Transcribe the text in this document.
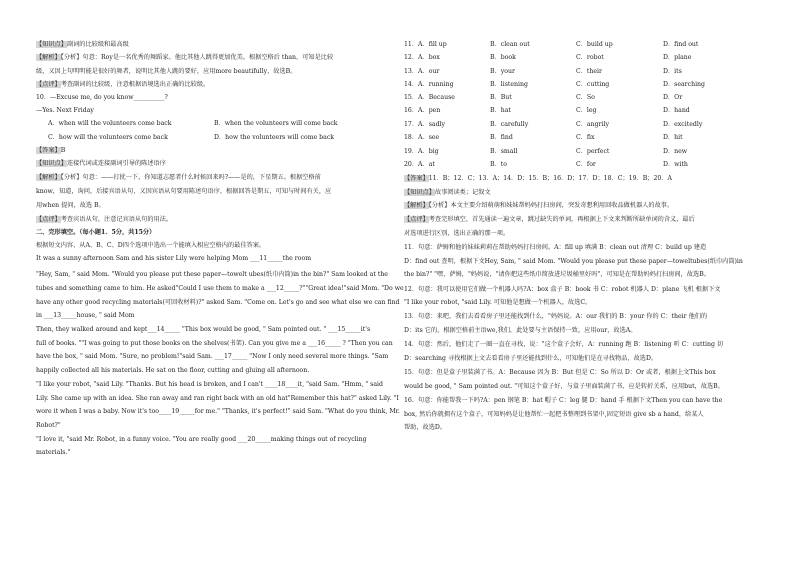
【知识点】副词的比较级和最高级
【解析】【分析】句意：Roy是一名优秀的舞蹈家。他比其他人跳得更加优美。根据空格后 than，可知是比较
级，又因上句明明能是很好的舞者，说明比其他人跳的要好，应用more beautifully，故选B。
【点评】考查副词的比较级，注意根据语境选出正确的比较级。
10．—Excuse me, do you know__________?
—Yes. Next Friday
A．when will the volunteers come back	B．when the volunteers will come back
C．how will the volunteers come back	D．how the volunteers will come back
【答案】B
【知识点】连接代词或连接副词引导的陈述语序
【解析】【分析】句意：——打扰一下，你知道志愿者什么时候回来吗?——是的，下星期五。根据空格前
know，知道，询问，后接宾语从句，又因宾语从句要用陈述句语序，根据回答是期五，可知与时间有关，应
用when 提问，故选 B。
【点评】考查宾语从句，注意记宾语从句的用法。
二、完形填空。（每小题1．5分，共15分）
根据短文内容，从A、B、C、D四个选项中选出一个能填入相应空格内的最佳答案。
It was a sunny afternoon Sam and his sister Lily were helping Mom ___11_____the room
"Hey, Sam, " said Mom. "Would you please put these paper—towelt ubes(纸巾内筒)in the bin?" Sam looked at the
tubes and something came to him. He asked"Could I use them to make a ___12_____?""Great idea!"said Mom. "Do we
have any other good recycling materials(可回收材料)?" asked Sam. "Come on. Let's go and see what else we can find
in ___13_____house, " said Mom
Then, they walked around and kept___14_____ "This box would be good, " Sam pointed out. " ___15_____it's
full of books. ""I was going to put those books on the shelves(书架). Can you give me a ___16_____ ? "Then you can
have the box, " said Mom. "Sure, no problem!"said Sam. ___17_____ "Now I only need several more things. "Sam
happily collected all his materials. He sat on the floor, cutting and gluing all afternoon.
"I like your robot, "said Lily. "Thanks. But his head is broken, and I can't ____18____it, "said Sam. "Hmm, " said
Lily. She came up with an idea. She ran away and ran right back with an old hat"Remember this hat?" asked Lily. "I
wore it when I was a baby. Now it's too____19_____for me." "Thanks, it's perfect!" said Sam. "What do you think, Mr.
Robot?"
"I love it, "said Mr. Robot, in a funny voice. "You are really good ___20_____making things out of recycling
materials."
11．A．fill up	B．clean out	C．build up	D．find out
12．A．box	B．book	C．robot	D．plane
13．A．our	B．your	C．their	D．its
14．A．running	B．listening	C．cutting	D．searching
15．A．Because	B．But	C．So	D．Or
16．A．pen	B．hat	C．leg	D．hand
17．A．sadly	B．carefully	C．angrily	D．excitedly
18．A．see	B．find	C．fix	D．hit
19．A．big	B．small	C．perfect	D．new
20．A．at	B．to	C．for	D．with
【答案】11．B；12．C；13．A；14．D；15．B；16．D；17．D；18．C；19．B；20．A
【知识点】故事阅读类；记叙文
【解析】【分析】本文主要介绍萌萌和妹妹帮妈妈打扫房间，突发奇想利用回收品做机器人的故事。
【点评】考查完形填空，首先通读一遍文章，跳过缺失的单词，再根据上下文来判断所缺单词的含义，最后
对选项进行区别，选出正确的那一项。
11．句意：萨姆和他的妹妹莉莉在帮助妈妈打扫房间。A：fill up 填满 B：clean out 清理 C：build up 建造
D：find out 查明，根据下文Hey, Sam, " said Mom. "Would you please put these paper—toweltubes(纸巾内筒)in
the bin?" "嘿，萨姆，"妈妈说，"请你把这些纸巾简放进垃圾桶里好吗"，可知是在帮助妈妈打扫房间，故选B。
12．句意：我可以使用它们做一个机器人吗?A：box 盒子 B：book 书 C：robot 机器人 D：plane 飞机 根据下文
"I like your robot, "said Lily. 可知他是想做一个机器人，故选C。
13．句意：来吧，我们去看看房子里还能找到什么，"妈妈说。A：our 我们的 B：your 你的 C：their 他们的
D：its 它的，根据空格前主语we,我们，此处要与主语保持一致，应用our，故选A。
14．句意：然后，他们走了一圈一直在寻找，说："这个盒子会好，A：running 跑 B：listening 听 C：cutting 切
D：searching 寻找根据上文去看看房子里还能找到什么，可知他们是在寻找物品，故选D。
15．句意：但是盒子里装满了书。A：Because 因为 B：But 但是 C：So 所以 D：Or 或者，根据上文This box
would be good, " Sam pointed out. "可知这个盒子好，与盒子里面装满了书，应是转折关系，应用but，故选B。
16．句意：你能帮我一下吗?A：pen 钢笔 B：hat 帽子 C：leg 腿 D：hand 手 根据下文Then you can have the
box, 然后你就拥有这个盒子，可知妈妈是让他帮忙一起把书整理到书架中,固定短语 give sb a hand，给某人
帮助，故选D。
